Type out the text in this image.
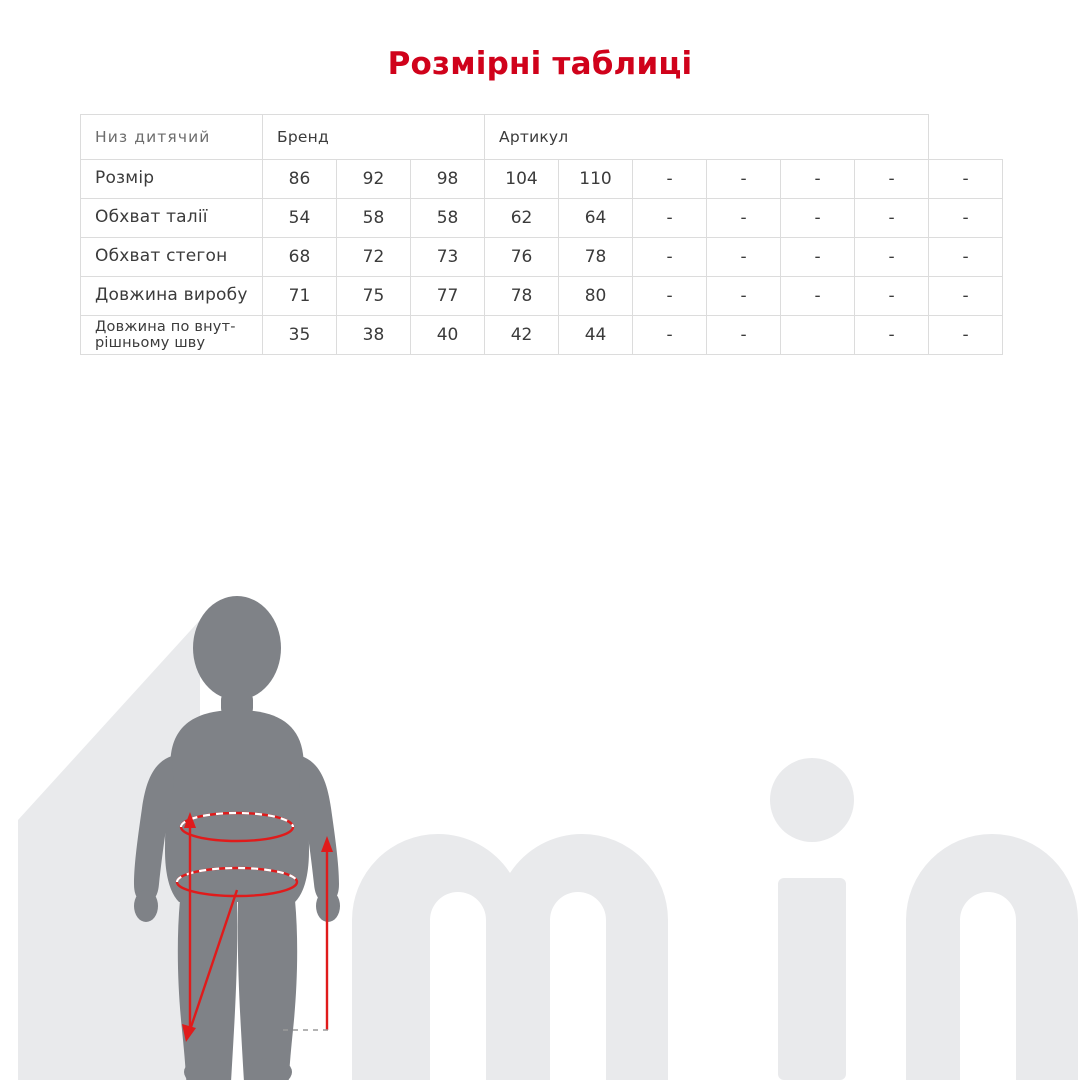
Розмірні таблиці
Низ дитячий	Бренд			Артикул						
Розмір	86	92	98	104	110	-	-	-	-	-
Обхват талії	54	58	58	62	64	-	-	-	-	-
Обхват стегон	68	72	73	76	78	-	-	-	-	-
Довжина виробу	71	75	77	78	80	-	-	-	-	-
Довжина по внут-
рішньому шву	35	38	40	42	44	-	-		-	-
